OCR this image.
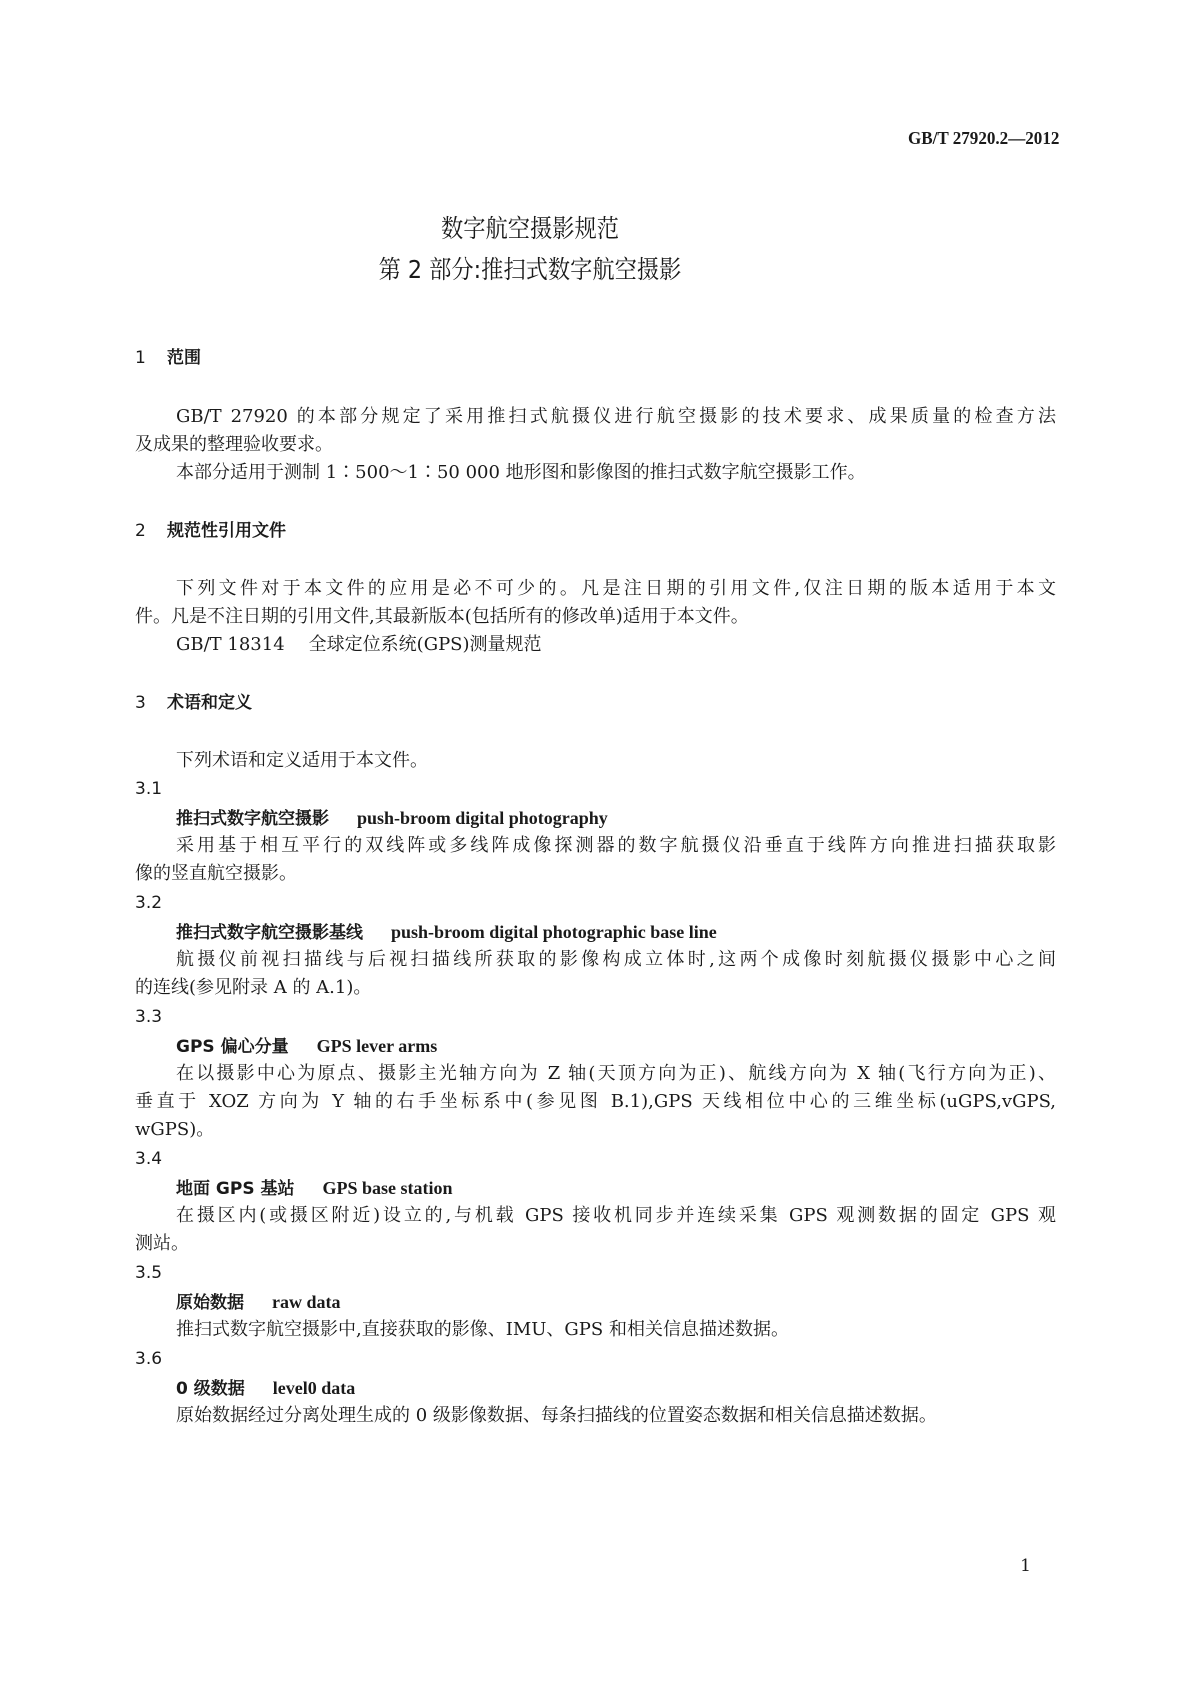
GB/T 27920.2—2012
数字航空摄影规范
第 2 部分:推扫式数字航空摄影
1 范围
GB/T 27920 的本部分规定了采用推扫式航摄仪进行航空摄影的技术要求、成果质量的检查方法
及成果的整理验收要求。
本部分适用于测制 1∶500～1∶50 000 地形图和影像图的推扫式数字航空摄影工作。
2 规范性引用文件
下列文件对于本文件的应用是必不可少的。凡是注日期的引用文件,仅注日期的版本适用于本文
件。凡是不注日期的引用文件,其最新版本(包括所有的修改单)适用于本文件。
GB/T 18314 全球定位系统(GPS)测量规范
3 术语和定义
下列术语和定义适用于本文件。
3.1
推扫式数字航空摄影 push-broom digital photography
采用基于相互平行的双线阵或多线阵成像探测器的数字航摄仪沿垂直于线阵方向推进扫描获取影
像的竖直航空摄影。
3.2
推扫式数字航空摄影基线 push-broom digital photographic base line
航摄仪前视扫描线与后视扫描线所获取的影像构成立体时,这两个成像时刻航摄仪摄影中心之间
的连线(参见附录 A 的 A.1)。
3.3
GPS 偏心分量 GPS lever arms
在以摄影中心为原点、摄影主光轴方向为 Z 轴(天顶方向为正)、航线方向为 X 轴(飞行方向为正)、
垂直于 XOZ 方向为 Y 轴的右手坐标系中(参见图 B.1),GPS 天线相位中心的三维坐标(uGPS,vGPS,
wGPS)。
3.4
地面 GPS 基站 GPS base station
在摄区内(或摄区附近)设立的,与机载 GPS 接收机同步并连续采集 GPS 观测数据的固定 GPS 观
测站。
3.5
原始数据 raw data
推扫式数字航空摄影中,直接获取的影像、IMU、GPS 和相关信息描述数据。
3.6
0 级数据 level0 data
原始数据经过分离处理生成的 0 级影像数据、每条扫描线的位置姿态数据和相关信息描述数据。
1
